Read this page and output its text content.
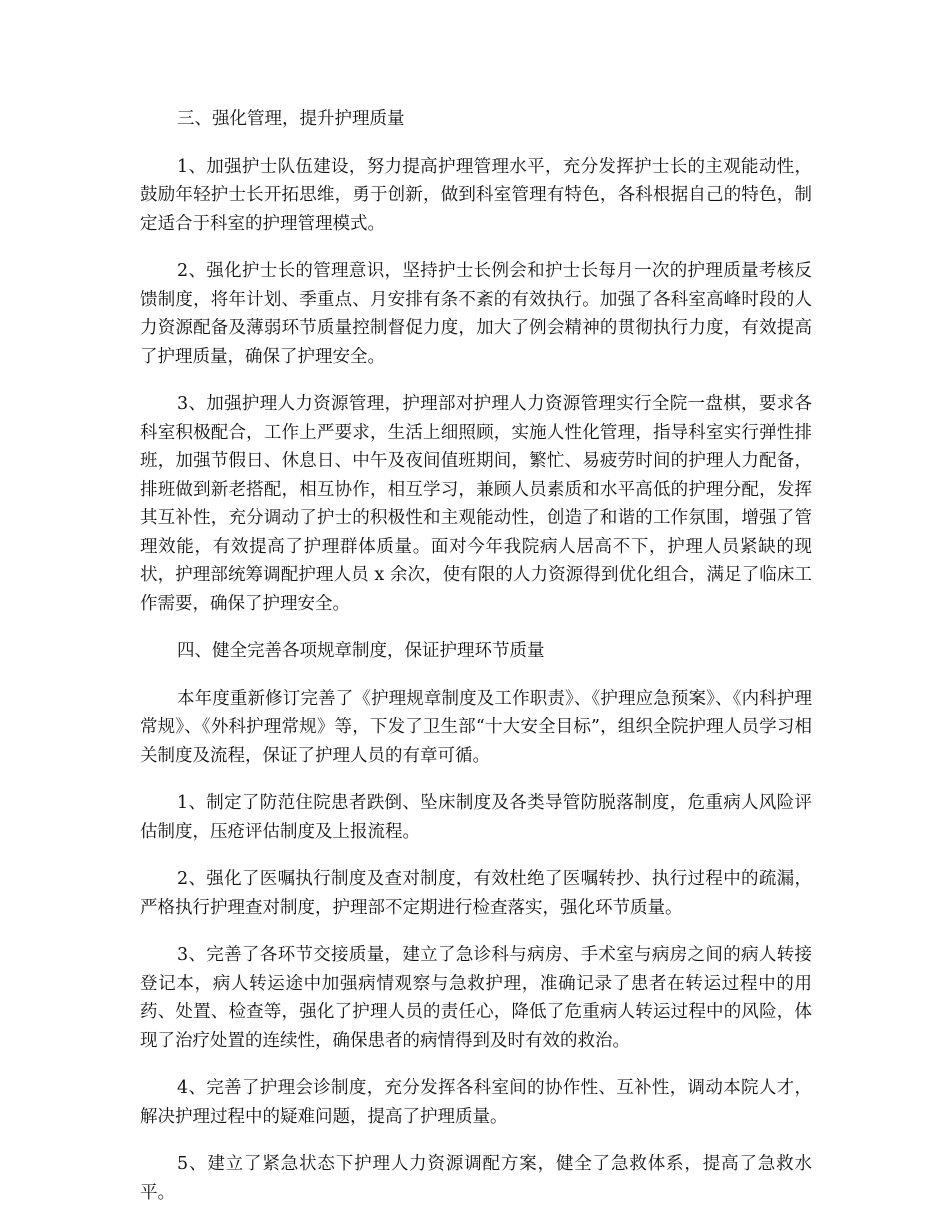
三、强化管理，提升护理质量

1、加强护士队伍建设，努力提高护理管理水平，充分发挥护士长的主观能动性，鼓励年轻护士长开拓思维，勇于创新，做到科室管理有特色，各科根据自己的特色，制定适合于科室的护理管理模式。

2、强化护士长的管理意识，坚持护士长例会和护士长每月一次的护理质量考核反馈制度，将年计划、季重点、月安排有条不紊的有效执行。加强了各科室高峰时段的人力资源配备及薄弱环节质量控制督促力度，加大了例会精神的贯彻执行力度，有效提高了护理质量，确保了护理安全。

3、加强护理人力资源管理，护理部对护理人力资源管理实行全院一盘棋，要求各科室积极配合，工作上严要求，生活上细照顾，实施人性化管理，指导科室实行弹性排班，加强节假日、休息日、中午及夜间值班期间，繁忙、易疲劳时间的护理人力配备，排班做到新老搭配，相互协作，相互学习，兼顾人员素质和水平高低的护理分配，发挥其互补性，充分调动了护士的积极性和主观能动性，创造了和谐的工作氛围，增强了管理效能，有效提高了护理群体质量。面对今年我院病人居高不下，护理人员紧缺的现状，护理部统筹调配护理人员 x 余次，使有限的人力资源得到优化组合，满足了临床工作需要，确保了护理安全。

四、健全完善各项规章制度，保证护理环节质量

本年度重新修订完善了《护理规章制度及工作职责》、《护理应急预案》、《内科护理常规》、《外科护理常规》等，下发了卫生部“十大安全目标”，组织全院护理人员学习相关制度及流程，保证了护理人员的有章可循。

1、制定了防范住院患者跌倒、坠床制度及各类导管防脱落制度，危重病人风险评估制度，压疮评估制度及上报流程。

2、强化了医嘱执行制度及查对制度，有效杜绝了医嘱转抄、执行过程中的疏漏，严格执行护理查对制度，护理部不定期进行检查落实，强化环节质量。

3、完善了各环节交接质量，建立了急诊科与病房、手术室与病房之间的病人转接登记本，病人转运途中加强病情观察与急救护理，准确记录了患者在转运过程中的用药、处置、检查等，强化了护理人员的责任心，降低了危重病人转运过程中的风险，体现了治疗处置的连续性，确保患者的病情得到及时有效的救治。

4、完善了护理会诊制度，充分发挥各科室间的协作性、互补性，调动本院人才，解决护理过程中的疑难问题，提高了护理质量。

5、建立了紧急状态下护理人力资源调配方案，健全了急救体系，提高了急救水平。
